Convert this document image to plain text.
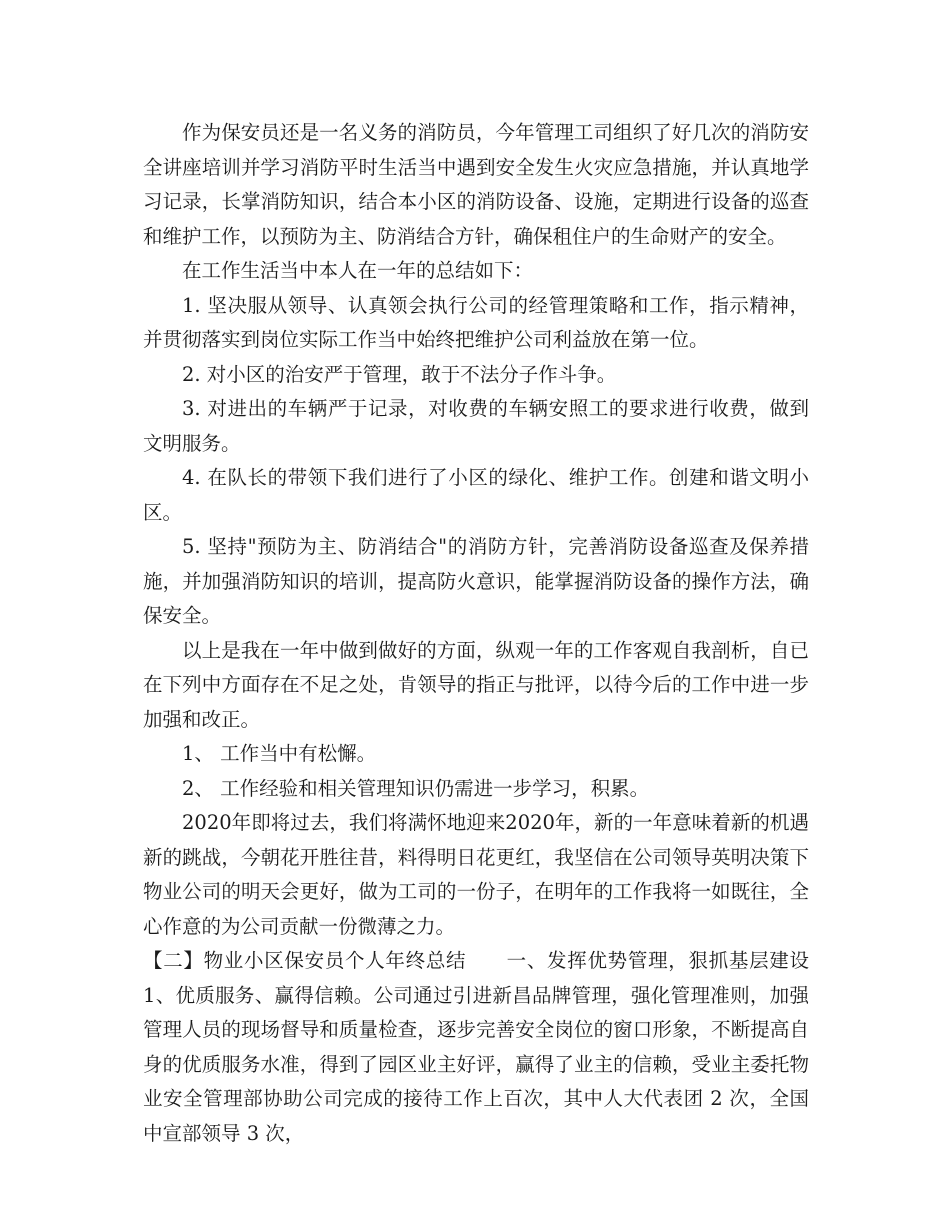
作为保安员还是一名义务的消防员，今年管理工司组织了好几次的消防安全讲座培训并学习消防平时生活当中遇到安全发生火灾应急措施，并认真地学习记录，长掌消防知识，结合本小区的消防设备、设施，定期进行设备的巡查和维护工作，以预防为主、防消结合方针，确保租住户的生命财产的安全。

在工作生活当中本人在一年的总结如下：

1. 坚决服从领导、认真领会执行公司的经管理策略和工作，指示精神，并贯彻落实到岗位实际工作当中始终把维护公司利益放在第一位。

2. 对小区的治安严于管理，敢于不法分子作斗争。

3. 对进出的车辆严于记录，对收费的车辆安照工的要求进行收费，做到文明服务。

4. 在队长的带领下我们进行了小区的绿化、维护工作。创建和谐文明小区。

5. 坚持"预防为主、防消结合"的消防方针，完善消防设备巡查及保养措施，并加强消防知识的培训，提高防火意识，能掌握消防设备的操作方法，确保安全。

以上是我在一年中做到做好的方面，纵观一年的工作客观自我剖析，自已在下列中方面存在不足之处，肯领导的指正与批评，以待今后的工作中进一步加强和改正。

1、 工作当中有松懈。

2、 工作经验和相关管理知识仍需进一步学习，积累。

2020年即将过去，我们将满怀地迎来2020年，新的一年意味着新的机遇新的跳战，今朝花开胜往昔，料得明日花更红，我坚信在公司领导英明决策下物业公司的明天会更好，做为工司的一份子，在明年的工作我将一如既往，全心作意的为公司贡献一份微薄之力。

【二】物业小区保安员个人年终总结　　一、发挥优势管理，狠抓基层建设 1、优质服务、赢得信赖。公司通过引进新昌品牌管理，强化管理准则，加强管理人员的现场督导和质量检查，逐步完善安全岗位的窗口形象，不断提高自身的优质服务水准，得到了园区业主好评，赢得了业主的信赖，受业主委托物业安全管理部协助公司完成的接待工作上百次，其中人大代表团 2 次，全国中宣部领导 3 次，
